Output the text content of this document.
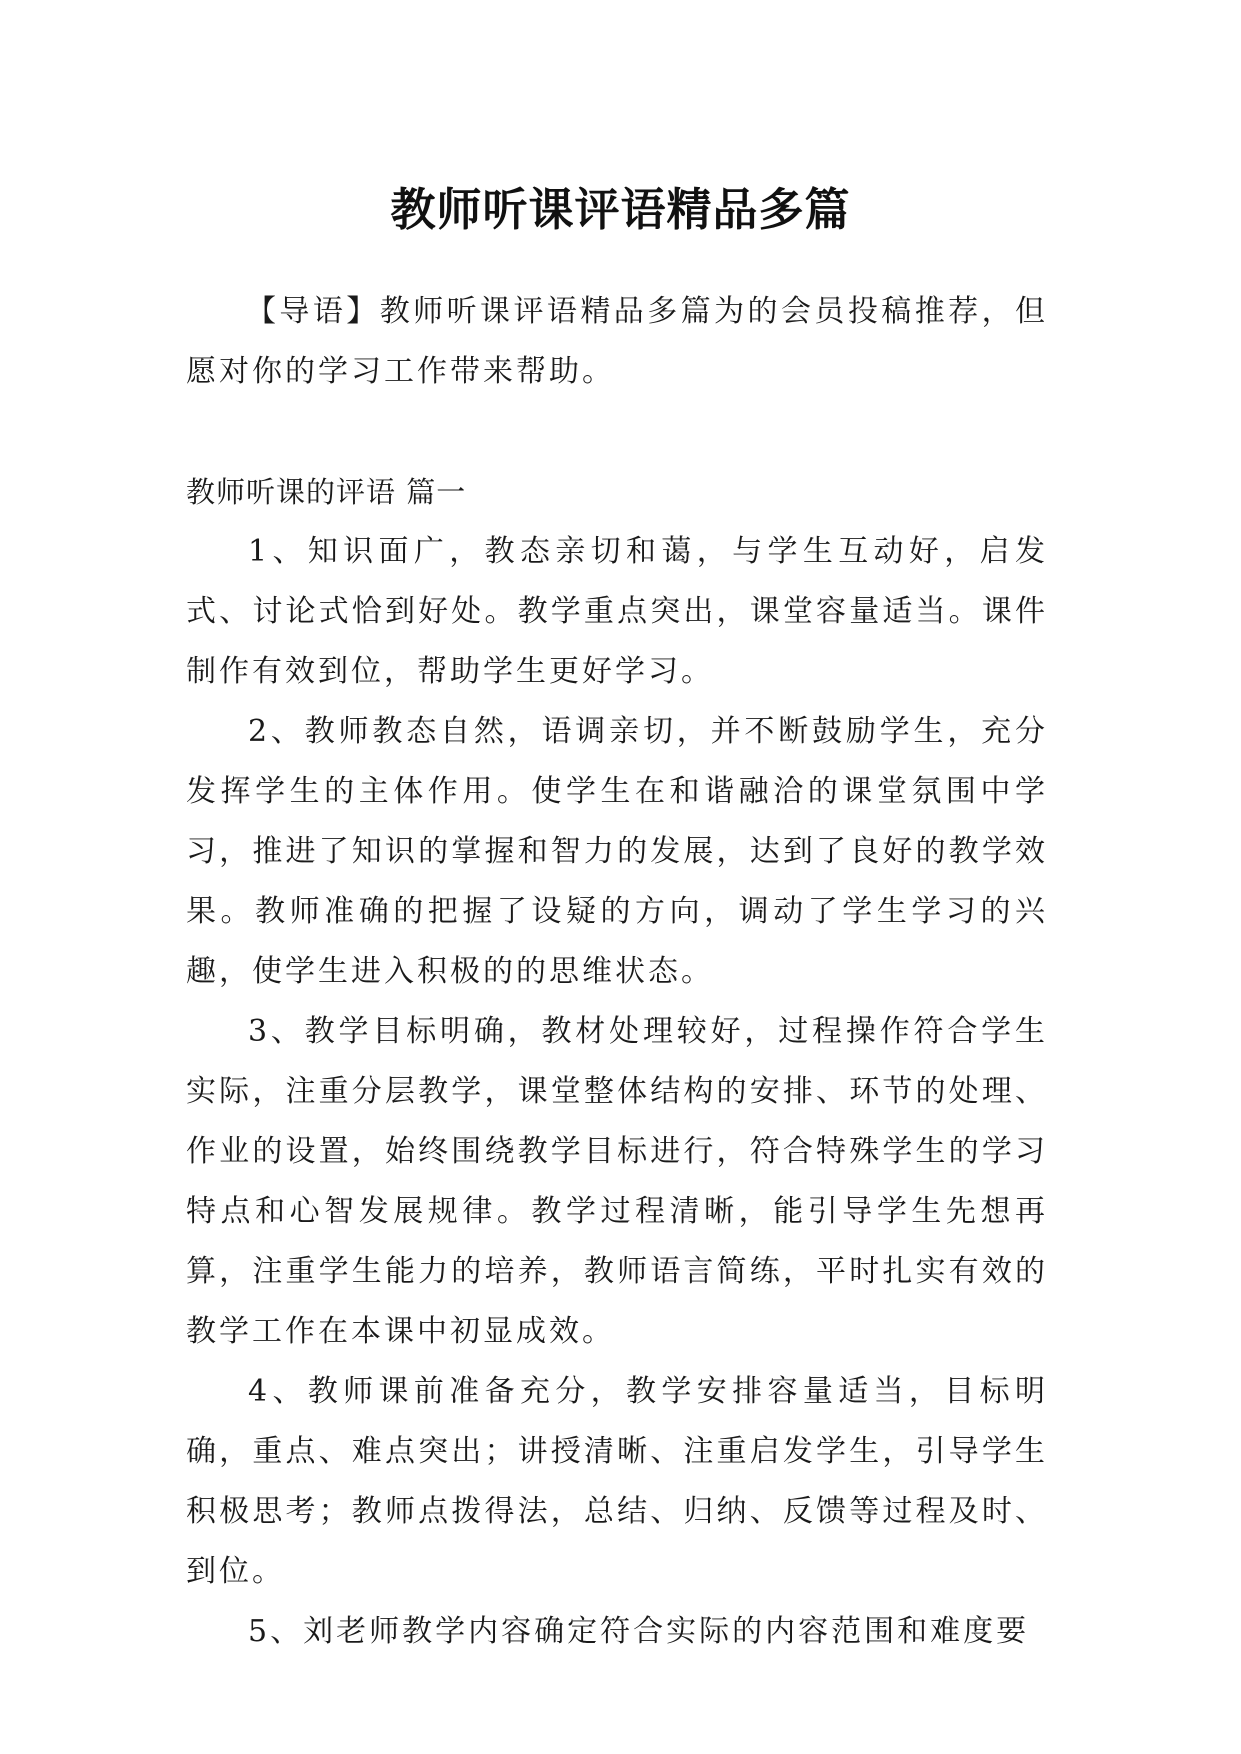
教师听课评语精品多篇

【导语】教师听课评语精品多篇为的会员投稿推荐，但愿对你的学习工作带来帮助。

教师听课的评语 篇一

1、知识面广，教态亲切和蔼，与学生互动好，启发式、讨论式恰到好处。教学重点突出，课堂容量适当。课件制作有效到位，帮助学生更好学习。

2、教师教态自然，语调亲切，并不断鼓励学生，充分发挥学生的主体作用。使学生在和谐融洽的课堂氛围中学习，推进了知识的掌握和智力的发展，达到了良好的教学效果。教师准确的把握了设疑的方向，调动了学生学习的兴趣，使学生进入积极的的思维状态。

3、教学目标明确，教材处理较好，过程操作符合学生实际，注重分层教学，课堂整体结构的安排、环节的处理、作业的设置，始终围绕教学目标进行，符合特殊学生的学习特点和心智发展规律。教学过程清晰，能引导学生先想再算，注重学生能力的培养，教师语言简练，平时扎实有效的教学工作在本课中初显成效。

4、教师课前准备充分，教学安排容量适当，目标明确，重点、难点突出；讲授清晰、注重启发学生，引导学生积极思考；教师点拨得法，总结、归纳、反馈等过程及时、到位。

5、刘老师教学内容确定符合实际的内容范围和难度要
